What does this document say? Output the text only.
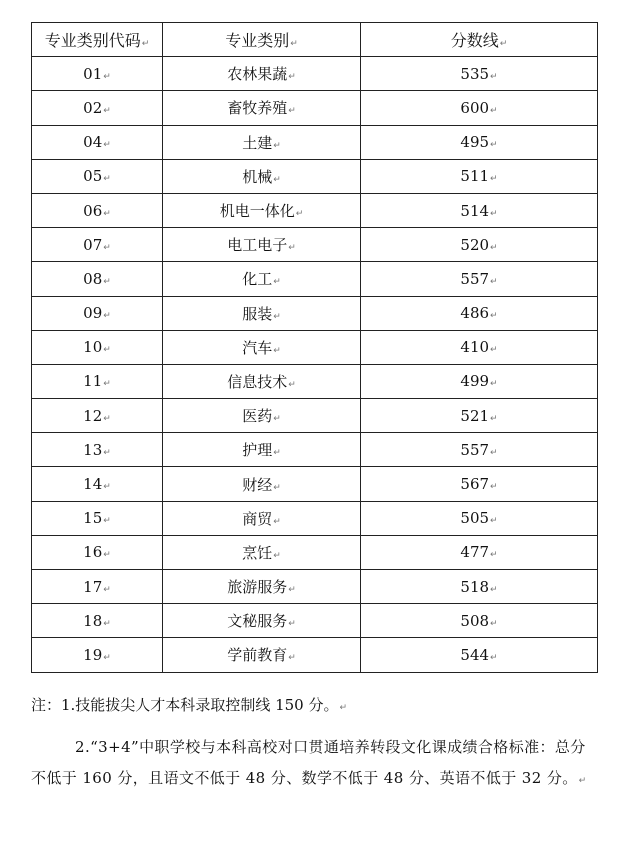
专业类别代码↵	专业类别↵	分数线↵
01↵	农林果蔬↵	535↵
02↵	畜牧养殖↵	600↵
04↵	土建↵	495↵
05↵	机械↵	511↵
06↵	机电一体化↵	514↵
07↵	电工电子↵	520↵
08↵	化工↵	557↵
09↵	服装↵	486↵
10↵	汽车↵	410↵
11↵	信息技术↵	499↵
12↵	医药↵	521↵
13↵	护理↵	557↵
14↵	财经↵	567↵
15↵	商贸↵	505↵
16↵	烹饪↵	477↵
17↵	旅游服务↵	518↵
18↵	文秘服务↵	508↵
19↵	学前教育↵	544↵

注：1.技能拔尖人才本科录取控制线 150 分。↵

2.“3+4”中职学校与本科高校对口贯通培养转段文化课成绩合格标准：总分不低于 160 分，且语文不低于 48 分、数学不低于 48 分、英语不低于 32 分。↵
